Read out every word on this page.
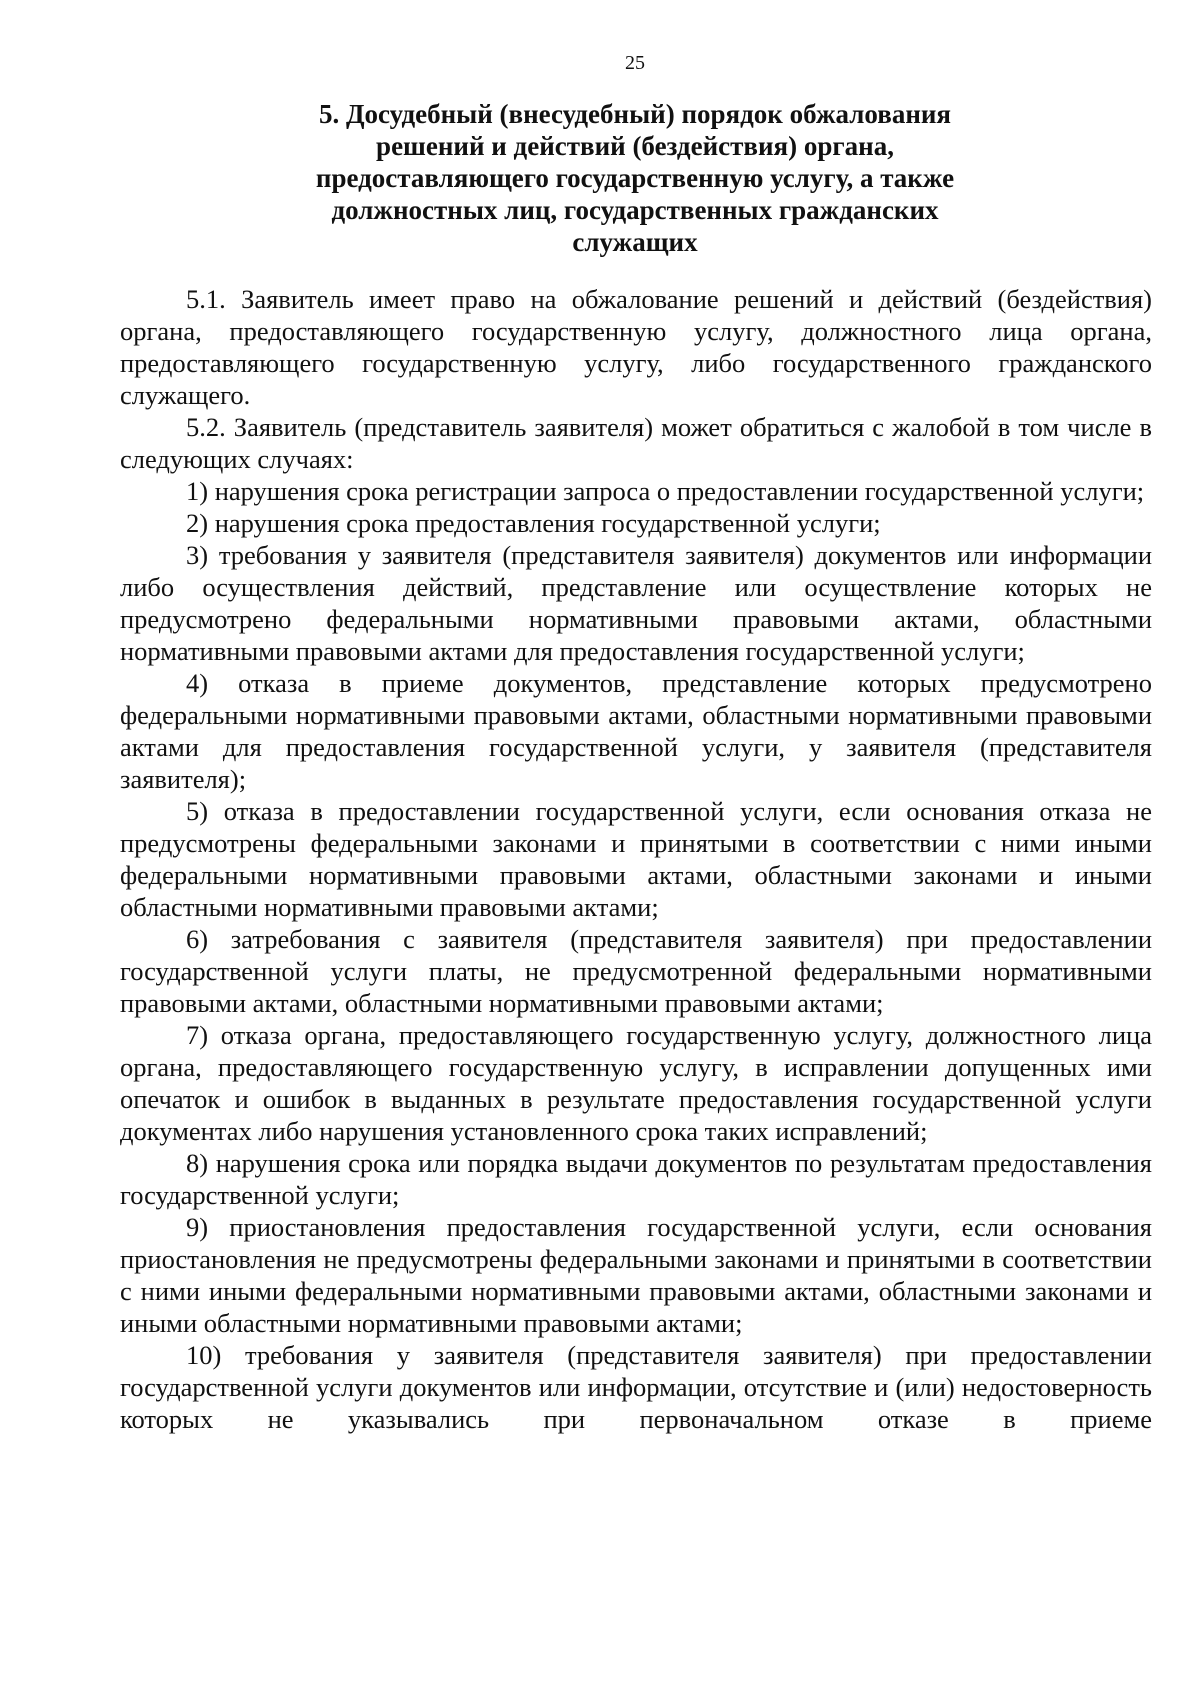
25
5. Досудебный (внесудебный) порядок обжалования
решений и действий (бездействия) органа,
предоставляющего государственную услугу, а также
должностных лиц, государственных гражданских
служащих

5.1. Заявитель имеет право на обжалование решений и действий (бездействия) органа, предоставляющего государственную услугу, должностного лица органа, предоставляющего государственную услугу, либо государственного гражданского служащего.

5.2. Заявитель (представитель заявителя) может обратиться с жалобой в том числе в следующих случаях:

1) нарушения срока регистрации запроса о предоставлении государственной услуги;

2) нарушения срока предоставления государственной услуги;

3) требования у заявителя (представителя заявителя) документов или информации либо осуществления действий, представление или осуществление которых не предусмотрено федеральными нормативными правовыми актами, областными нормативными правовыми актами для предоставления государственной услуги;

4) отказа в приеме документов, представление которых предусмотрено федеральными нормативными правовыми актами, областными нормативными правовыми актами для предоставления государственной услуги, у заявителя (представителя заявителя);

5) отказа в предоставлении государственной услуги, если основания отказа не предусмотрены федеральными законами и принятыми в соответствии с ними иными федеральными нормативными правовыми актами, областными законами и иными областными нормативными правовыми актами;

6) затребования с заявителя (представителя заявителя) при предоставлении государственной услуги платы, не предусмотренной федеральными нормативными правовыми актами, областными нормативными правовыми актами;

7) отказа органа, предоставляющего государственную услугу, должностного лица органа, предоставляющего государственную услугу, в исправлении допущенных ими опечаток и ошибок в выданных в результате предоставления государственной услуги документах либо нарушения установленного срока таких исправлений;

8) нарушения срока или порядка выдачи документов по результатам предоставления государственной услуги;

9) приостановления предоставления государственной услуги, если основания приостановления не предусмотрены федеральными законами и принятыми в соответствии с ними иными федеральными нормативными правовыми актами, областными законами и иными областными нормативными правовыми актами;

10) требования у заявителя (представителя заявителя) при предоставлении государственной услуги документов или информации, отсутствие и (или) недостоверность которых не указывались при первоначальном отказе в приеме
